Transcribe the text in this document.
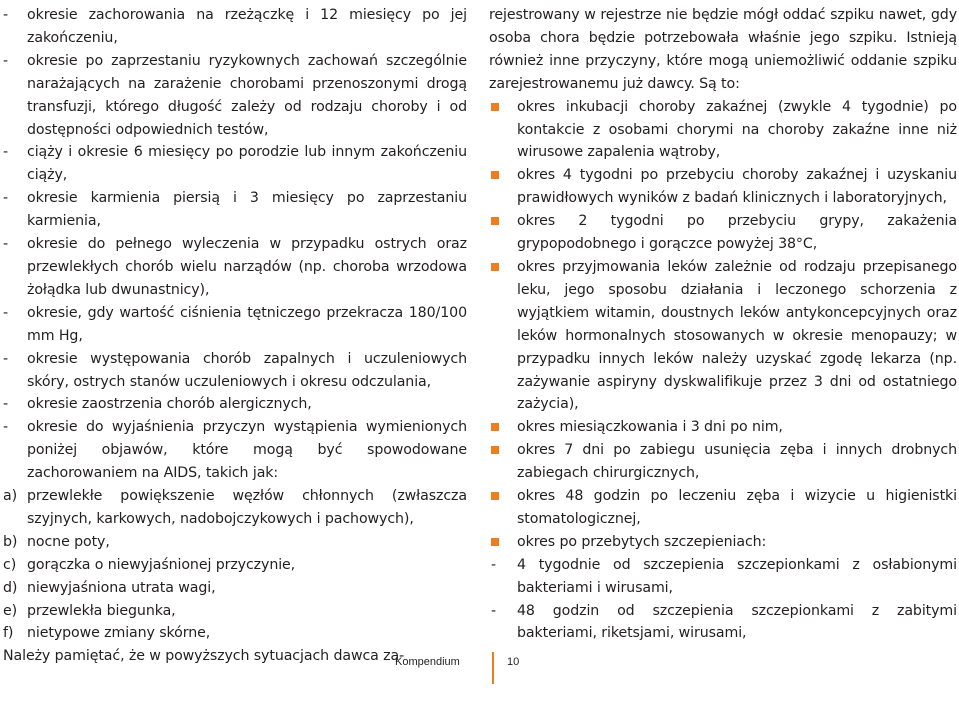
- okresie zachorowania na rzeżączkę i 12 miesięcy po jej zakończeniu,
- okresie po zaprzestaniu ryzykownych zachowań szczególnie narażających na zarażenie chorobami przenoszonymi drogą transfuzji, którego długość zależy od rodzaju choroby i od dostępności odpowiednich testów,
- ciąży i okresie 6 miesięcy po porodzie lub innym zakończeniu ciąży,
- okresie karmienia piersią i 3 miesięcy po zaprzestaniu karmienia,
- okresie do pełnego wyleczenia w przypadku ostrych oraz przewlekłych chorób wielu narządów (np. choroba wrzodowa żołądka lub dwunastnicy),
- okresie, gdy wartość ciśnienia tętniczego przekracza 180/100 mm Hg,
- okresie występowania chorób zapalnych i uczuleniowych skóry, ostrych stanów uczuleniowych i okresu odczulania,
- okresie zaostrzenia chorób alergicznych,
- okresie do wyjaśnienia przyczyn wystąpienia wymienionych poniżej objawów, które mogą być spowodowane zachorowaniem na AIDS, takich jak:
a) przewlekłe powiększenie węzłów chłonnych (zwłaszcza szyjnych, karkowych, nadobojczykowych i pachowych),
b) nocne poty,
c) gorączka o niewyjaśnionej przyczynie,
d) niewyjaśniona utrata wagi,
e) przewlekła biegunka,
f) nietypowe zmiany skórne,
Należy pamiętać, że w powyższych sytuacjach dawca za-
rejestrowany w rejestrze nie będzie mógł oddać szpiku nawet, gdy osoba chora będzie potrzebowała właśnie jego szpiku. Istnieją również inne przyczyny, które mogą uniemożliwić oddanie szpiku zarejestrowanemu już dawcy. Są to:
okres inkubacji choroby zakaźnej (zwykle 4 tygodnie) po kontakcie z osobami chorymi na choroby zakaźne inne niż wirusowe zapalenia wątroby,
okres 4 tygodni po przebyciu choroby zakaźnej i uzyskaniu prawidłowych wyników z badań klinicznych i laboratoryjnych,
okres 2 tygodni po przebyciu grypy, zakażenia grypopodobnego i gorączce powyżej 38°C,
okres przyjmowania leków zależnie od rodzaju przepisanego leku, jego sposobu działania i leczonego schorzenia z wyjątkiem witamin, doustnych leków antykoncepcyjnych oraz leków hormonalnych stosowanych w okresie menopauzy; w przypadku innych leków należy uzyskać zgodę lekarza (np. zażywanie aspiryny dyskwalifikuje przez 3 dni od ostatniego zażycia),
okres miesiączkowania i 3 dni po nim,
okres 7 dni po zabiegu usunięcia zęba i innych drobnych zabiegach chirurgicznych,
okres 48 godzin po leczeniu zęba i wizycie u higienistki stomatologicznej,
okres po przebytych szczepieniach:
- 4 tygodnie od szczepienia szczepionkami z osłabionymi bakteriami i wirusami,
- 48 godzin od szczepienia szczepionkami z zabitymi bakteriami, riketsjami, wirusami,
Kompendium	10
